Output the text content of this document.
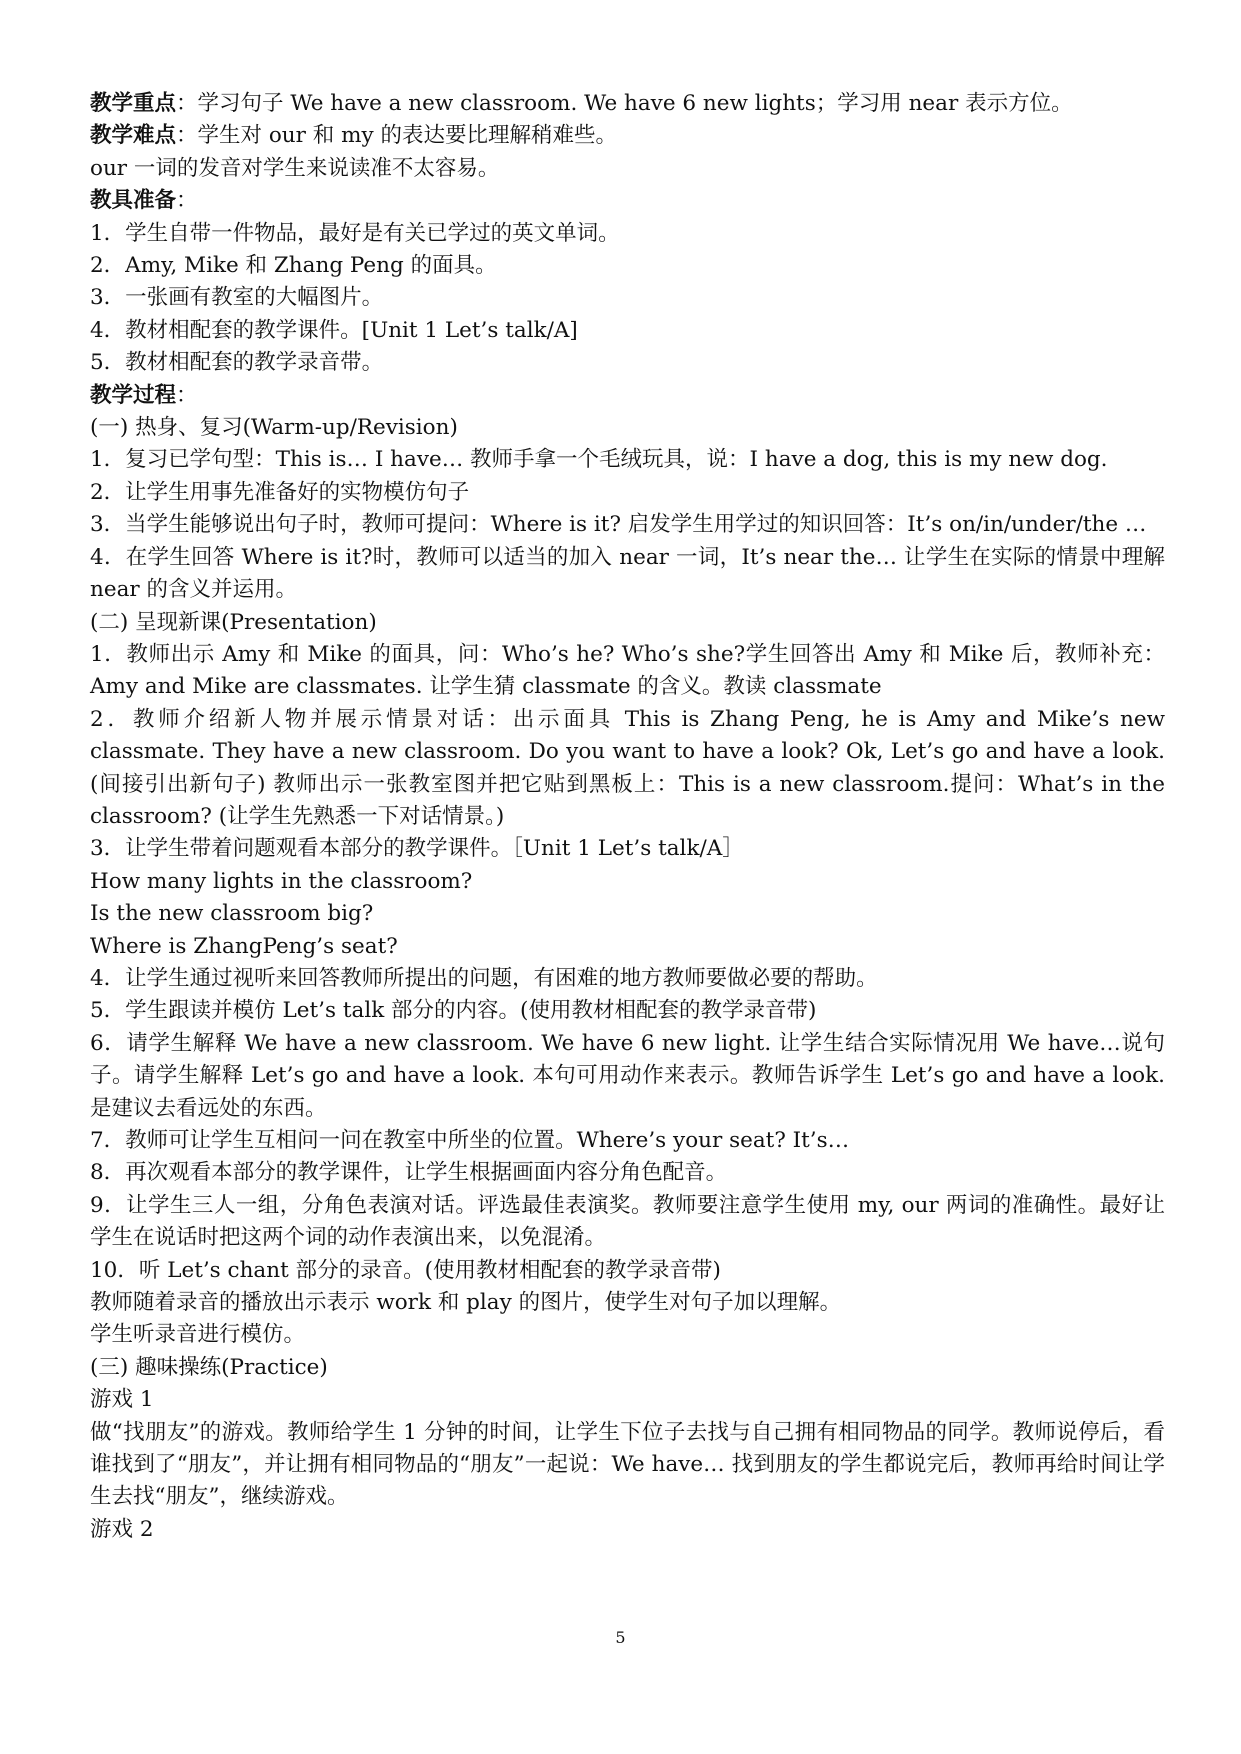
教学重点：学习句子 We have a new classroom. We have 6 new lights；学习用 near 表示方位。
教学难点：学生对 our 和 my 的表达要比理解稍难些。
our 一词的发音对学生来说读准不太容易。
教具准备：
1．学生自带一件物品，最好是有关已学过的英文单词。
2．Amy, Mike 和 Zhang Peng 的面具。
3．一张画有教室的大幅图片。
4．教材相配套的教学课件。[Unit 1 Let’s talk/A]
5．教材相配套的教学录音带。
教学过程：
(一) 热身、复习(Warm-up/Revision)
1．复习已学句型：This is… I have… 教师手拿一个毛绒玩具，说：I have a dog, this is my new dog.
2．让学生用事先准备好的实物模仿句子
3．当学生能够说出句子时，教师可提问：Where is it? 启发学生用学过的知识回答：It’s on/in/under/the …
4．在学生回答 Where is it?时，教师可以适当的加入 near 一词，It’s near the… 让学生在实际的情景中理解 near 的含义并运用。
(二) 呈现新课(Presentation)
1．教师出示 Amy 和 Mike 的面具，问：Who’s he? Who’s she?学生回答出 Amy 和 Mike 后，教师补充：Amy and Mike are classmates. 让学生猜 classmate 的含义。教读 classmate
2．教师介绍新人物并展示情景对话：出示面具 This is Zhang Peng, he is Amy and Mike’s new classmate. They have a new classroom. Do you want to have a look? Ok, Let’s go and have a look.(间接引出新句子) 教师出示一张教室图并把它贴到黑板上：This is a new classroom.提问：What’s in the classroom? (让学生先熟悉一下对话情景。)
3．让学生带着问题观看本部分的教学课件。［Unit 1 Let’s talk/A］
How many lights in the classroom?
Is the new classroom big?
Where is ZhangPeng’s seat?
4．让学生通过视听来回答教师所提出的问题，有困难的地方教师要做必要的帮助。
5．学生跟读并模仿 Let’s talk 部分的内容。(使用教材相配套的教学录音带)
6．请学生解释 We have a new classroom. We have 6 new light. 让学生结合实际情况用 We have…说句子。请学生解释 Let’s go and have a look. 本句可用动作来表示。教师告诉学生 Let’s go and have a look.是建议去看远处的东西。
7．教师可让学生互相问一问在教室中所坐的位置。Where’s your seat? It’s…
8．再次观看本部分的教学课件，让学生根据画面内容分角色配音。
9．让学生三人一组，分角色表演对话。评选最佳表演奖。教师要注意学生使用 my, our 两词的准确性。最好让学生在说话时把这两个词的动作表演出来，以免混淆。
10．听 Let’s chant 部分的录音。(使用教材相配套的教学录音带)
教师随着录音的播放出示表示 work 和 play 的图片，使学生对句子加以理解。
学生听录音进行模仿。
(三) 趣味操练(Practice)
游戏 1
做“找朋友”的游戏。教师给学生 1 分钟的时间，让学生下位子去找与自己拥有相同物品的同学。教师说停后，看谁找到了“朋友”，并让拥有相同物品的“朋友”一起说：We have… 找到朋友的学生都说完后，教师再给时间让学生去找“朋友”，继续游戏。
游戏 2
5
